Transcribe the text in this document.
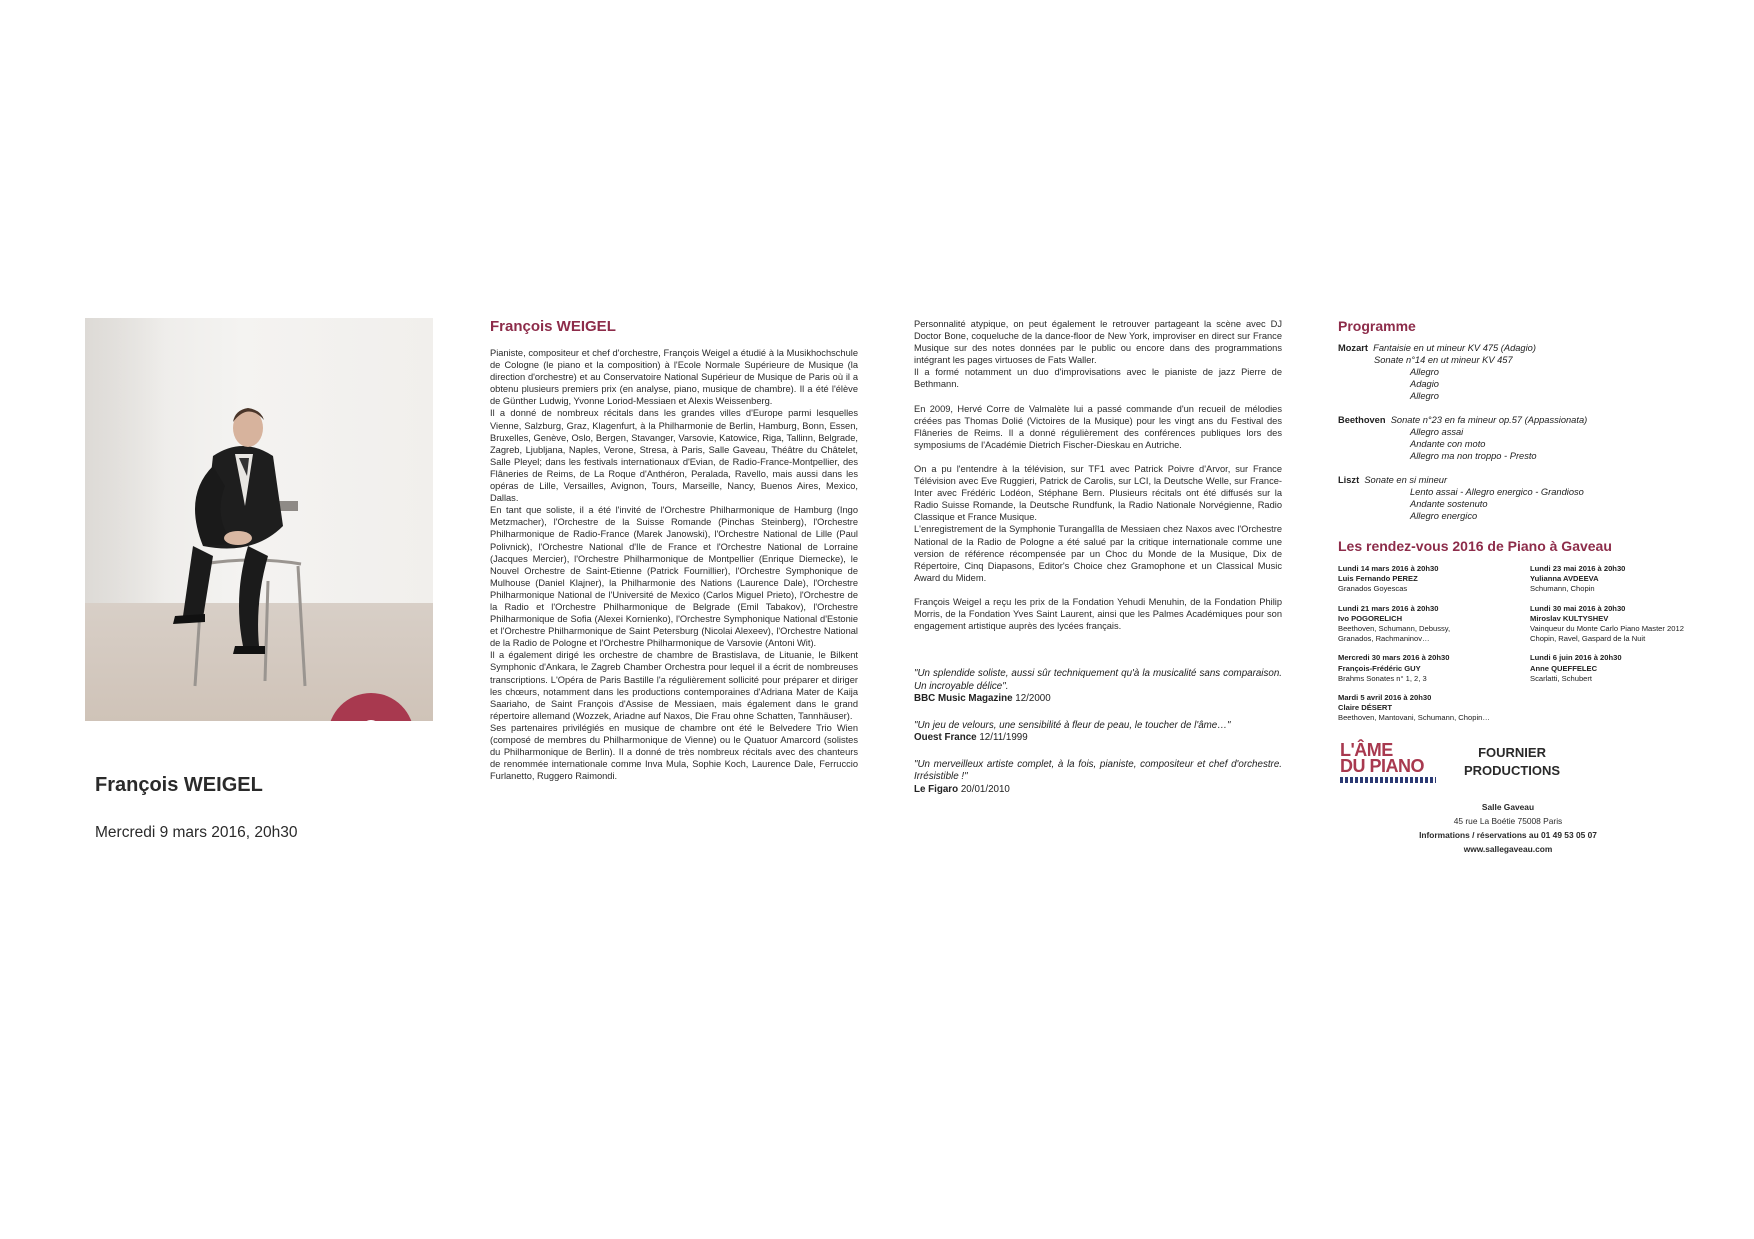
François WEIGEL
Mercredi 9 mars 2016, 20h30
François WEIGEL

Pianiste, compositeur et chef d'orchestre, François Weigel a étudié à la Musikhochschule de Cologne (le piano et la composition) à l'Ecole Normale Supérieure de Musique (la direction d'orchestre) et au Conservatoire National Supérieur de Musique de Paris où il a obtenu plusieurs premiers prix (en analyse, piano, musique de chambre). Il a été l'élève de Günther Ludwig, Yvonne Loriod-Messiaen et Alexis Weissenberg.

Il a donné de nombreux récitals dans les grandes villes d'Europe parmi lesquelles Vienne, Salzburg, Graz, Klagenfurt, à la Philharmonie de Berlin, Hamburg, Bonn, Essen, Bruxelles, Genève, Oslo, Bergen, Stavanger, Varsovie, Katowice, Riga, Tallinn, Belgrade, Zagreb, Ljubljana, Naples, Verone, Stresa, à Paris, Salle Gaveau, Théâtre du Châtelet, Salle Pleyel; dans les festivals internationaux d'Evian, de Radio-France-Montpellier, des Flâneries de Reims, de La Roque d'Anthéron, Peralada, Ravello, mais aussi dans les opéras de Lille, Versailles, Avignon, Tours, Marseille, Nancy, Buenos Aires, Mexico, Dallas.

En tant que soliste, il a été l'invité de l'Orchestre Philharmonique de Hamburg (Ingo Metzmacher), l'Orchestre de la Suisse Romande (Pinchas Steinberg), l'Orchestre Philharmonique de Radio-France (Marek Janowski), l'Orchestre National de Lille (Paul Polivnick), l'Orchestre National d'Ile de France et l'Orchestre National de Lorraine (Jacques Mercier), l'Orchestre Philharmonique de Montpellier (Enrique Diemecke), le Nouvel Orchestre de Saint-Etienne (Patrick Fournillier), l'Orchestre Symphonique de Mulhouse (Daniel Klajner), la Philharmonie des Nations (Laurence Dale), l'Orchestre Philharmonique National de l'Université de Mexico (Carlos Miguel Prieto), l'Orchestre de la Radio et l'Orchestre Philharmonique de Belgrade (Emil Tabakov), l'Orchestre Philharmonique de Sofia (Alexei Kornienko), l'Orchestre Symphonique National d'Estonie et l'Orchestre Philharmonique de Saint Petersburg (Nicolai Alexeev), l'Orchestre National de la Radio de Pologne et l'Orchestre Philharmonique de Varsovie (Antoni Wit).

Il a également dirigé les orchestre de chambre de Brastislava, de Lituanie, le Bilkent Symphonic d'Ankara, le Zagreb Chamber Orchestra pour lequel il a écrit de nombreuses transcriptions. L'Opéra de Paris Bastille l'a régulièrement sollicité pour préparer et diriger les chœurs, notamment dans les productions contemporaines d'Adriana Mater de Kaija Saariaho, de Saint François d'Assise de Messiaen, mais également dans le grand répertoire allemand (Wozzek, Ariadne auf Naxos, Die Frau ohne Schatten, Tannhäuser).

Ses partenaires privilégiés en musique de chambre ont été le Belvedere Trio Wien (composé de membres du Philharmonique de Vienne) ou le Quatuor Amarcord (solistes du Philharmonique de Berlin). Il a donné de très nombreux récitals avec des chanteurs de renommée internationale comme Inva Mula, Sophie Koch, Laurence Dale, Ferruccio Furlanetto, Ruggero Raimondi.

Personnalité atypique, on peut également le retrouver partageant la scène avec DJ Doctor Bone, coqueluche de la dance-floor de New York, improviser en direct sur France Musique sur des notes données par le public ou encore dans des programmations intégrant les pages virtuoses de Fats Waller.

Il a formé notamment un duo d'improvisations avec le pianiste de jazz Pierre de Bethmann.

En 2009, Hervé Corre de Valmalète lui a passé commande d'un recueil de mélodies créées pas Thomas Dolié (Victoires de la Musique) pour les vingt ans du Festival des Flâneries de Reims. Il a donné régulièrement des conférences publiques lors des symposiums de l'Académie Dietrich Fischer-Dieskau en Autriche.

On a pu l'entendre à la télévision, sur TF1 avec Patrick Poivre d'Arvor, sur France Télévision avec Eve Ruggieri, Patrick de Carolis, sur LCI, la Deutsche Welle, sur France-Inter avec Frédéric Lodéon, Stéphane Bern. Plusieurs récitals ont été diffusés sur la Radio Suisse Romande, la Deutsche Rundfunk, la Radio Nationale Norvégienne, Radio Classique et France Musique.

L'enregistrement de la Symphonie Turangalîla de Messiaen chez Naxos avec l'Orchestre National de la Radio de Pologne a été salué par la critique internationale comme une version de référence récompensée par un Choc du Monde de la Musique, Dix de Répertoire, Cinq Diapasons, Editor's Choice chez Gramophone et un Classical Music Award du Midem.

François Weigel a reçu les prix de la Fondation Yehudi Menuhin, de la Fondation Philip Morris, de la Fondation Yves Saint Laurent, ainsi que les Palmes Académiques pour son engagement artistique auprès des lycées français.

"Un splendide soliste, aussi sûr techniquement qu'à la musicalité sans comparaison. Un incroyable délice".
BBC Music Magazine 12/2000
"Un jeu de velours, une sensibilité à fleur de peau, le toucher de l'âme…"
Ouest France 12/11/1999
"Un merveilleux artiste complet, à la fois, pianiste, compositeur et chef d'orchestre. Irrésistible !"
Le Figaro 20/01/2010
Programme
Mozart Fantaisie en ut mineur KV 475 (Adagio)
Sonate n°14 en ut mineur KV 457
Allegro
Adagio
Allegro
Beethoven Sonate n°23 en fa mineur op.57 (Appassionata)
Allegro assai
Andante con moto
Allegro ma non troppo - Presto
Liszt Sonate en si mineur
Lento assai - Allegro energico - Grandioso
Andante sostenuto
Allegro energico
Les rendez-vous 2016 de Piano à Gaveau
Lundi 14 mars 2016 à 20h30
Luis Fernando PEREZ
Granados Goyescas
Lundi 23 mai 2016 à 20h30
Yulianna AVDEEVA
Schumann, Chopin
Lundi 21 mars 2016 à 20h30
Ivo POGORELICH
Beethoven, Schumann, Debussy,
Granados, Rachmaninov…
Lundi 30 mai 2016 à 20h30
Miroslav KULTYSHEV
Vainqueur du Monte Carlo Piano Master 2012
Chopin, Ravel, Gaspard de la Nuit
Mercredi 30 mars 2016 à 20h30
François-Frédéric GUY
Brahms Sonates n° 1, 2, 3
Lundi 6 juin 2016 à 20h30
Anne QUEFFELEC
Scarlatti, Schubert
Mardi 5 avril 2016 à 20h30
Claire DÉSERT
Beethoven, Mantovani, Schumann, Chopin…
L'ÂME
DU PIANO
FOURNIER
PRODUCTIONS
Salle Gaveau
45 rue La Boétie 75008 Paris
Informations / réservations au 01 49 53 05 07
www.sallegaveau.com
